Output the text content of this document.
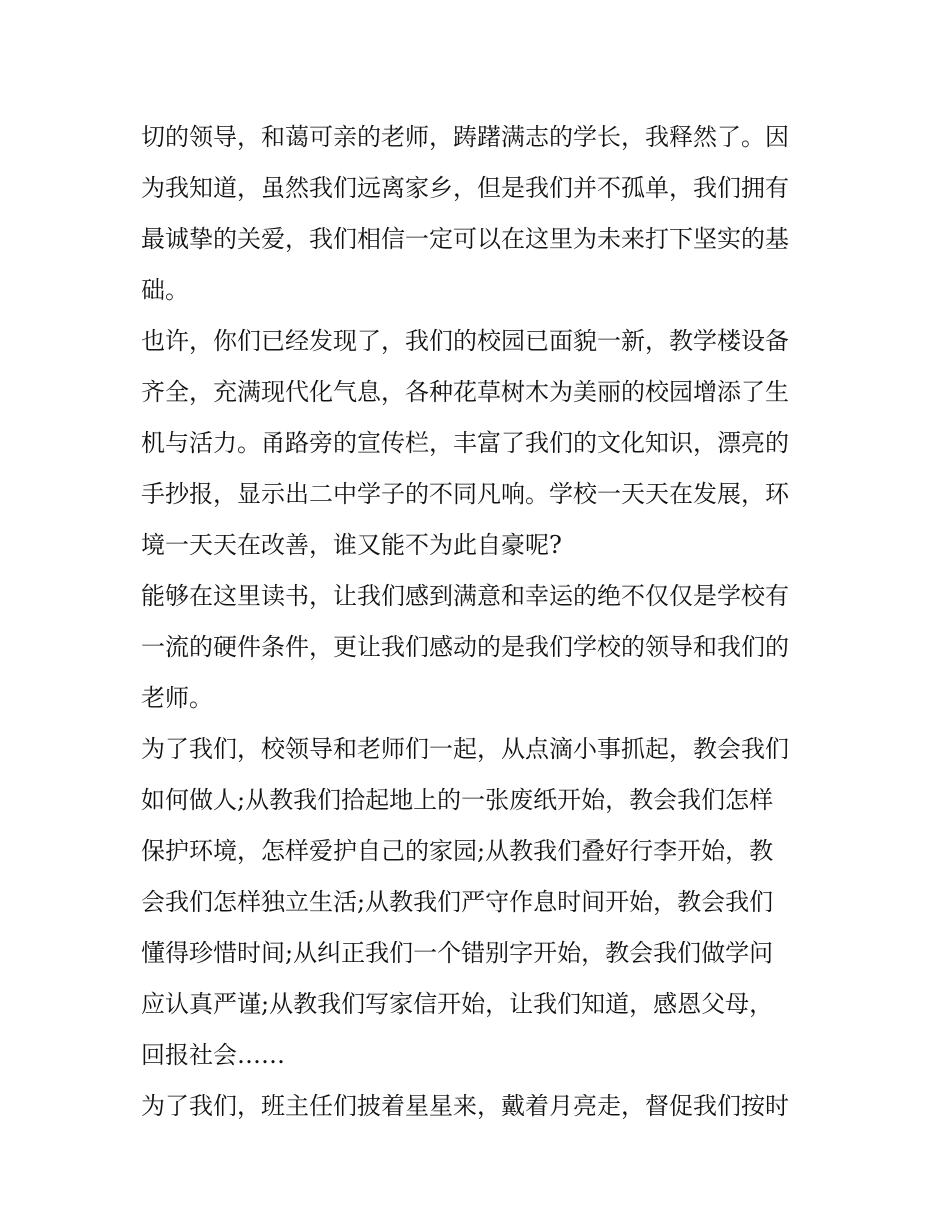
切的领导，和蔼可亲的老师，踌躇满志的学长，我释然了。因
为我知道，虽然我们远离家乡，但是我们并不孤单，我们拥有
最诚挚的关爱，我们相信一定可以在这里为未来打下坚实的基
础。
也许，你们已经发现了，我们的校园已面貌一新，教学楼设备
齐全，充满现代化气息，各种花草树木为美丽的校园增添了生
机与活力。甬路旁的宣传栏，丰富了我们的文化知识，漂亮的
手抄报，显示出二中学子的不同凡响。学校一天天在发展，环
境一天天在改善，谁又能不为此自豪呢?
能够在这里读书，让我们感到满意和幸运的绝不仅仅是学校有
一流的硬件条件，更让我们感动的是我们学校的领导和我们的
老师。
为了我们，校领导和老师们一起，从点滴小事抓起，教会我们
如何做人;从教我们拾起地上的一张废纸开始，教会我们怎样
保护环境，怎样爱护自己的家园;从教我们叠好行李开始，教
会我们怎样独立生活;从教我们严守作息时间开始，教会我们
懂得珍惜时间;从纠正我们一个错别字开始，教会我们做学问
应认真严谨;从教我们写家信开始，让我们知道，感恩父母，
回报社会……
为了我们，班主任们披着星星来，戴着月亮走，督促我们按时
